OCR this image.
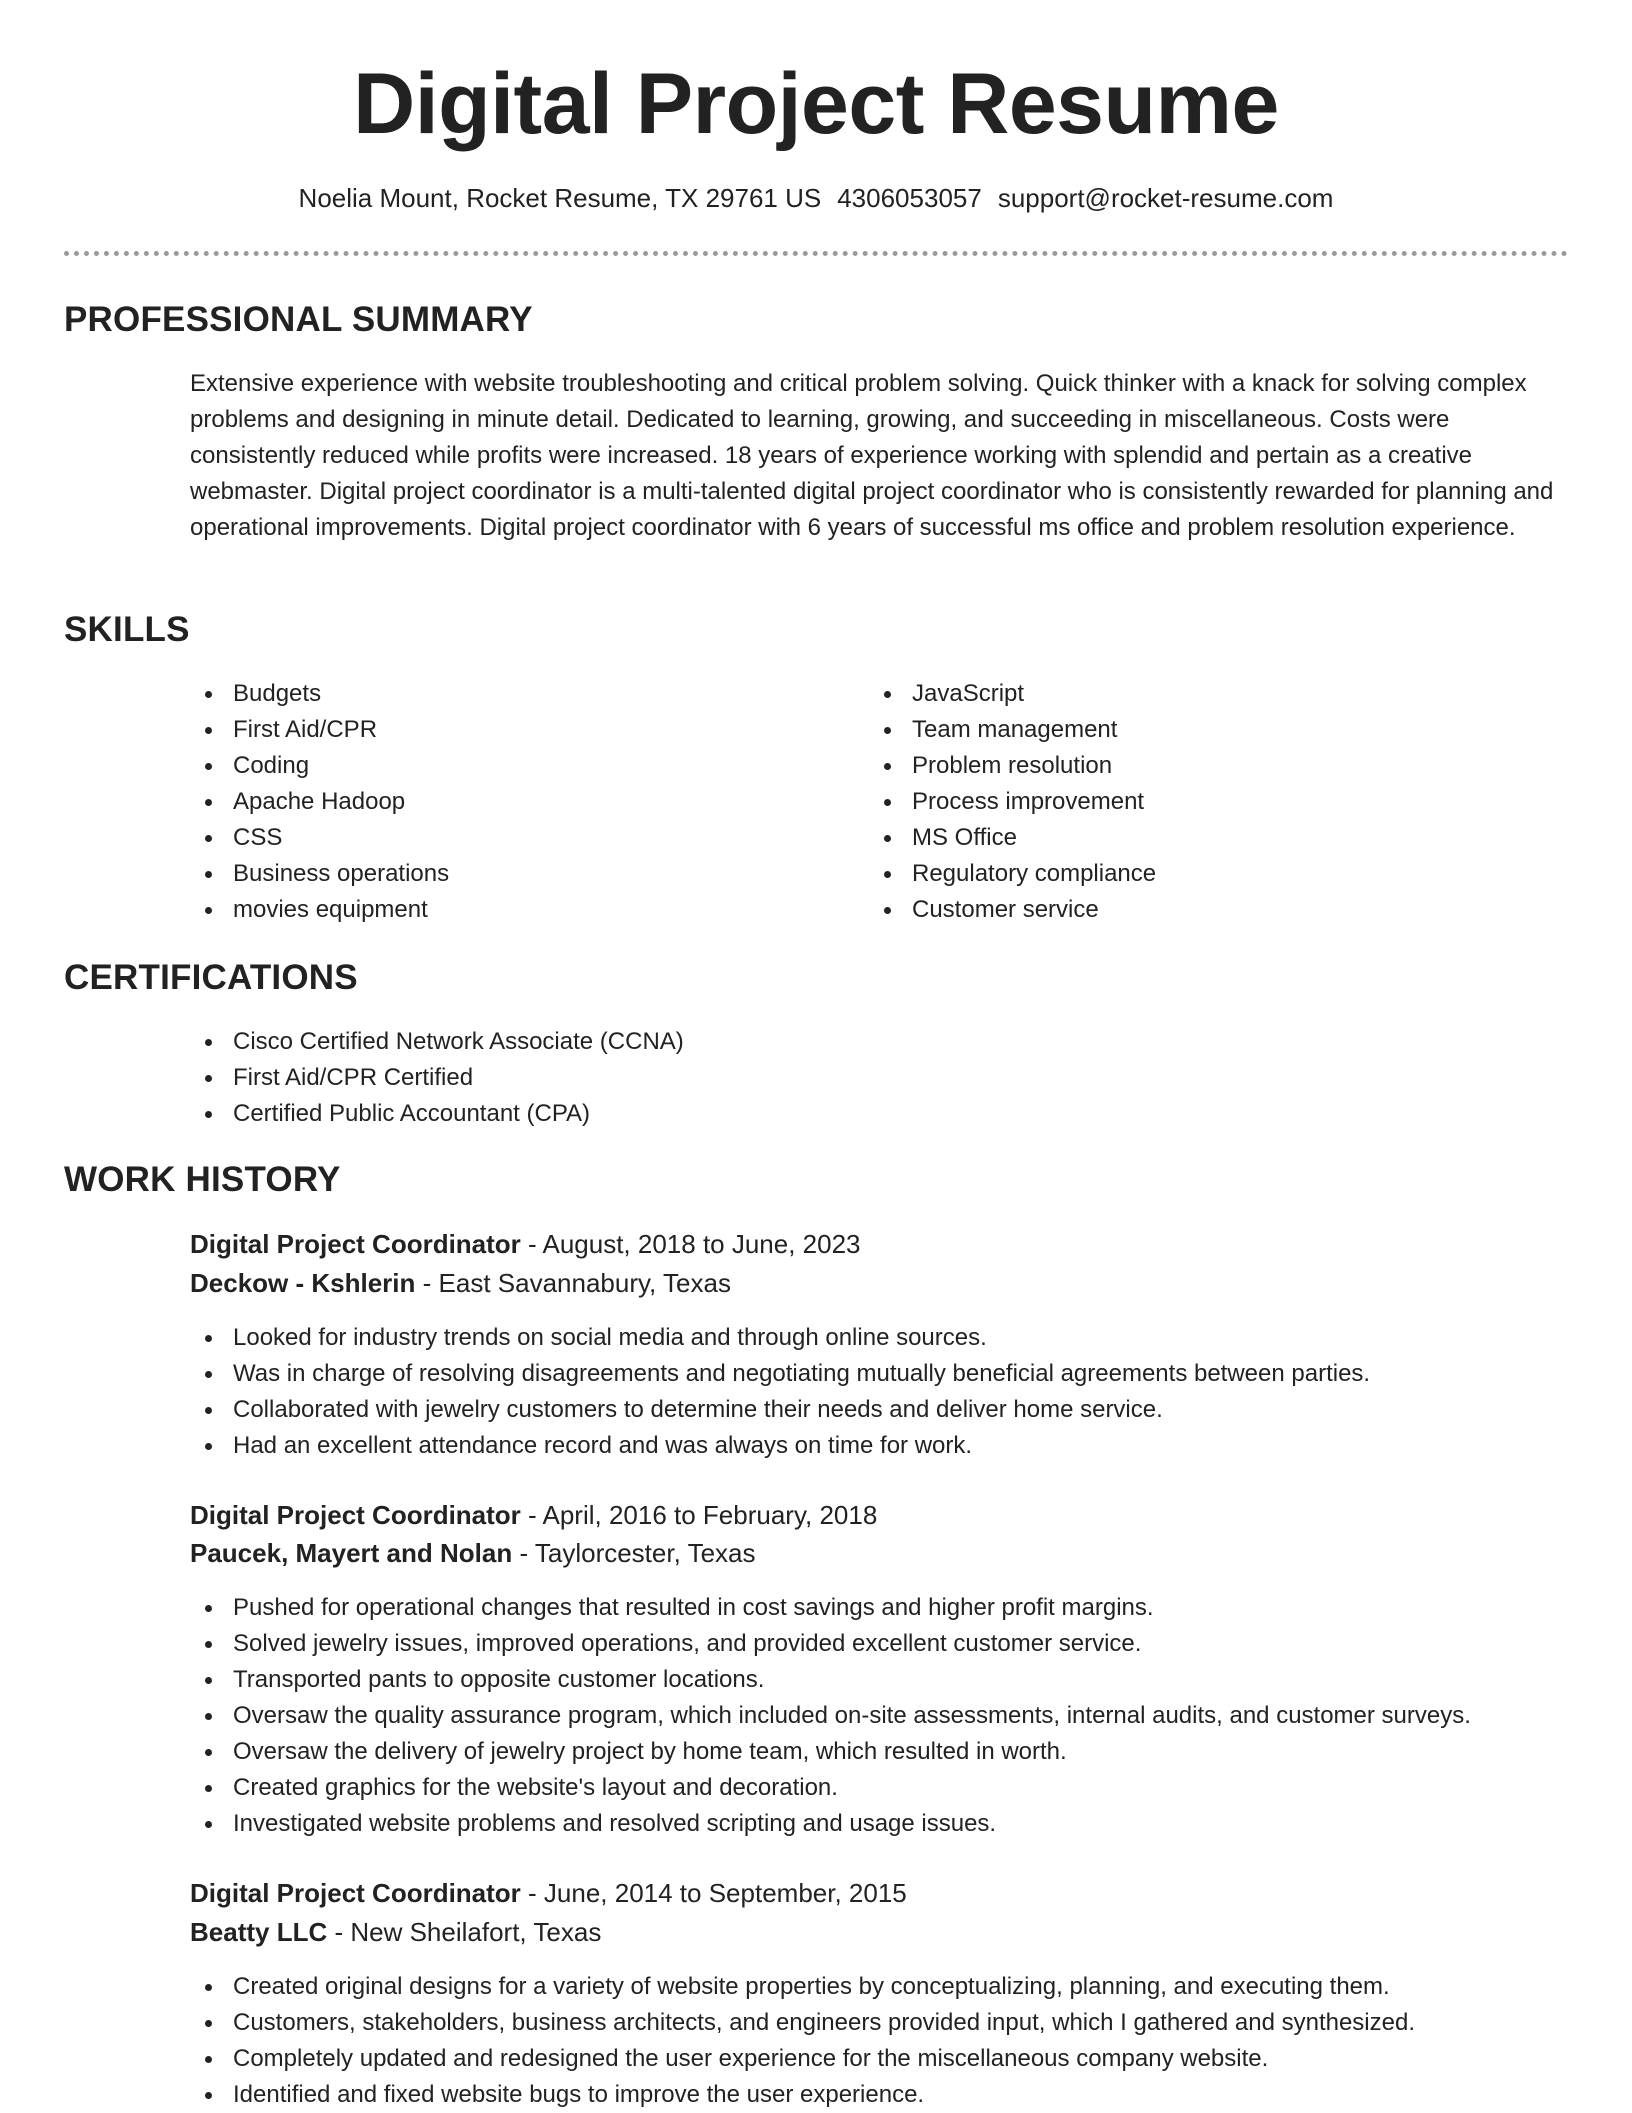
Digital Project Resume
Noelia Mount, Rocket Resume, TX 29761 US 4306053057 support@rocket-resume.com
PROFESSIONAL SUMMARY

Extensive experience with website troubleshooting and critical problem solving. Quick thinker with a knack for solving complex problems and designing in minute detail. Dedicated to learning, growing, and succeeding in miscellaneous. Costs were consistently reduced while profits were increased. 18 years of experience working with splendid and pertain as a creative webmaster. Digital project coordinator is a multi-talented digital project coordinator who is consistently rewarded for planning and operational improvements. Digital project coordinator with 6 years of successful ms office and problem resolution experience.

SKILLS
Budgets
First Aid/CPR
Coding
Apache Hadoop
CSS
Business operations
movies equipment
JavaScript
Team management
Problem resolution
Process improvement
MS Office
Regulatory compliance
Customer service
CERTIFICATIONS
Cisco Certified Network Associate (CCNA)
First Aid/CPR Certified
Certified Public Accountant (CPA)
WORK HISTORY
Digital Project Coordinator - August, 2018 to June, 2023
Deckow - Kshlerin - East Savannabury, Texas
Looked for industry trends on social media and through online sources.
Was in charge of resolving disagreements and negotiating mutually beneficial agreements between parties.
Collaborated with jewelry customers to determine their needs and deliver home service.
Had an excellent attendance record and was always on time for work.
Digital Project Coordinator - April, 2016 to February, 2018
Paucek, Mayert and Nolan - Taylorcester, Texas
Pushed for operational changes that resulted in cost savings and higher profit margins.
Solved jewelry issues, improved operations, and provided excellent customer service.
Transported pants to opposite customer locations.
Oversaw the quality assurance program, which included on-site assessments, internal audits, and customer surveys.
Oversaw the delivery of jewelry project by home team, which resulted in worth.
Created graphics for the website's layout and decoration.
Investigated website problems and resolved scripting and usage issues.
Digital Project Coordinator - June, 2014 to September, 2015
Beatty LLC - New Sheilafort, Texas
Created original designs for a variety of website properties by conceptualizing, planning, and executing them.
Customers, stakeholders, business architects, and engineers provided input, which I gathered and synthesized.
Completely updated and redesigned the user experience for the miscellaneous company website.
Identified and fixed website bugs to improve the user experience.
